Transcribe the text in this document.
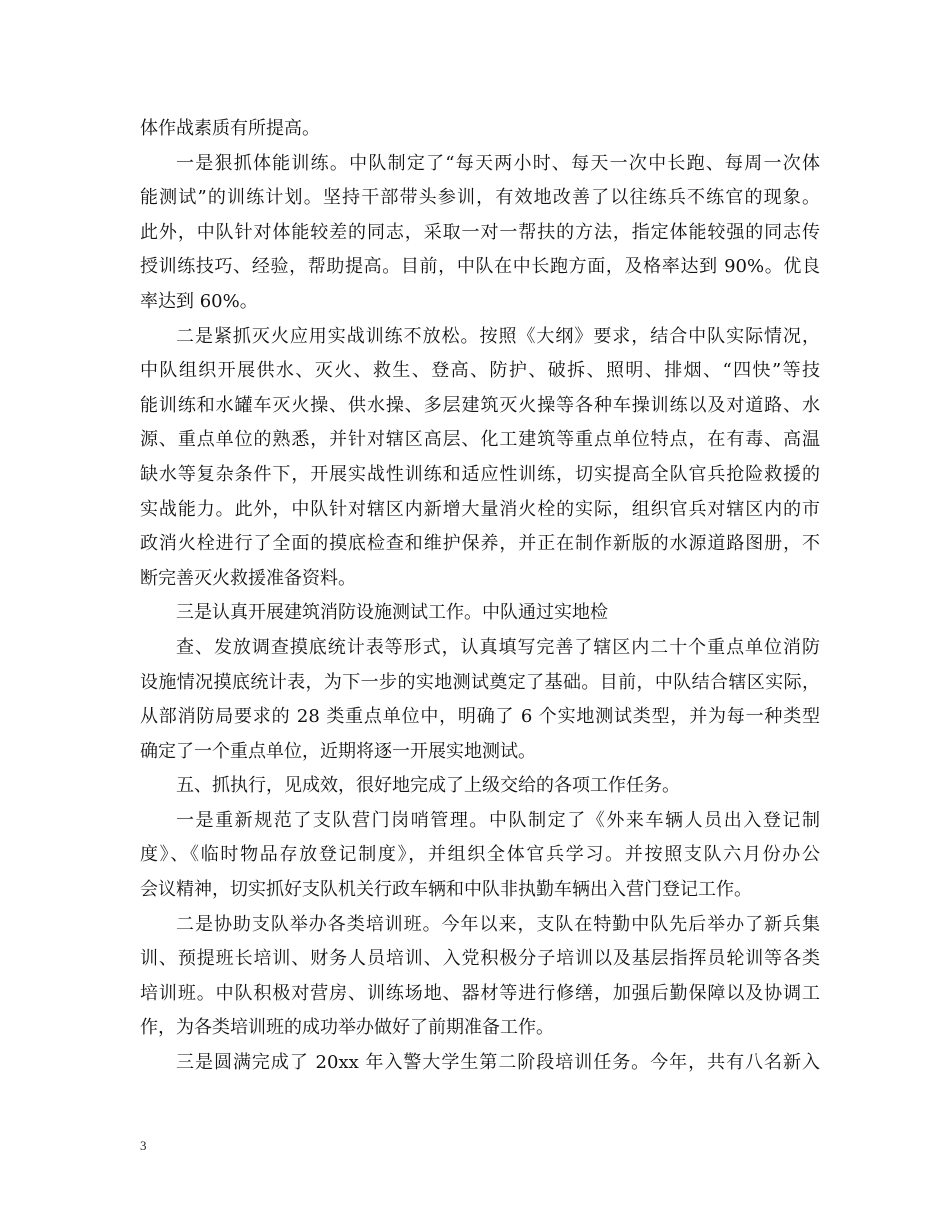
体作战素质有所提高。
一是狠抓体能训练。中队制定了“每天两小时、每天一次中长跑、每周一次体
能测试”的训练计划。坚持干部带头参训，有效地改善了以往练兵不练官的现象。
此外，中队针对体能较差的同志，采取一对一帮扶的方法，指定体能较强的同志传
授训练技巧、经验，帮助提高。目前，中队在中长跑方面，及格率达到 90%。优良
率达到 60%。
二是紧抓灭火应用实战训练不放松。按照《大纲》要求，结合中队实际情况，
中队组织开展供水、灭火、救生、登高、防护、破拆、照明、排烟、“四快”等技
能训练和水罐车灭火操、供水操、多层建筑灭火操等各种车操训练以及对道路、水
源、重点单位的熟悉，并针对辖区高层、化工建筑等重点单位特点，在有毒、高温
缺水等复杂条件下，开展实战性训练和适应性训练，切实提高全队官兵抢险救援的
实战能力。此外，中队针对辖区内新增大量消火栓的实际，组织官兵对辖区内的市
政消火栓进行了全面的摸底检查和维护保养，并正在制作新版的水源道路图册，不
断完善灭火救援准备资料。
三是认真开展建筑消防设施测试工作。中队通过实地检
查、发放调查摸底统计表等形式，认真填写完善了辖区内二十个重点单位消防
设施情况摸底统计表，为下一步的实地测试奠定了基础。目前，中队结合辖区实际，
从部消防局要求的 28 类重点单位中，明确了 6 个实地测试类型，并为每一种类型
确定了一个重点单位，近期将逐一开展实地测试。
五、抓执行，见成效，很好地完成了上级交给的各项工作任务。
一是重新规范了支队营门岗哨管理。中队制定了《外来车辆人员出入登记制
度》、《临时物品存放登记制度》，并组织全体官兵学习。并按照支队六月份办公
会议精神，切实抓好支队机关行政车辆和中队非执勤车辆出入营门登记工作。
二是协助支队举办各类培训班。今年以来，支队在特勤中队先后举办了新兵集
训、预提班长培训、财务人员培训、入党积极分子培训以及基层指挥员轮训等各类
培训班。中队积极对营房、训练场地、器材等进行修缮，加强后勤保障以及协调工
作，为各类培训班的成功举办做好了前期准备工作。
三是圆满完成了 20xx 年入警大学生第二阶段培训任务。今年，共有八名新入
3
